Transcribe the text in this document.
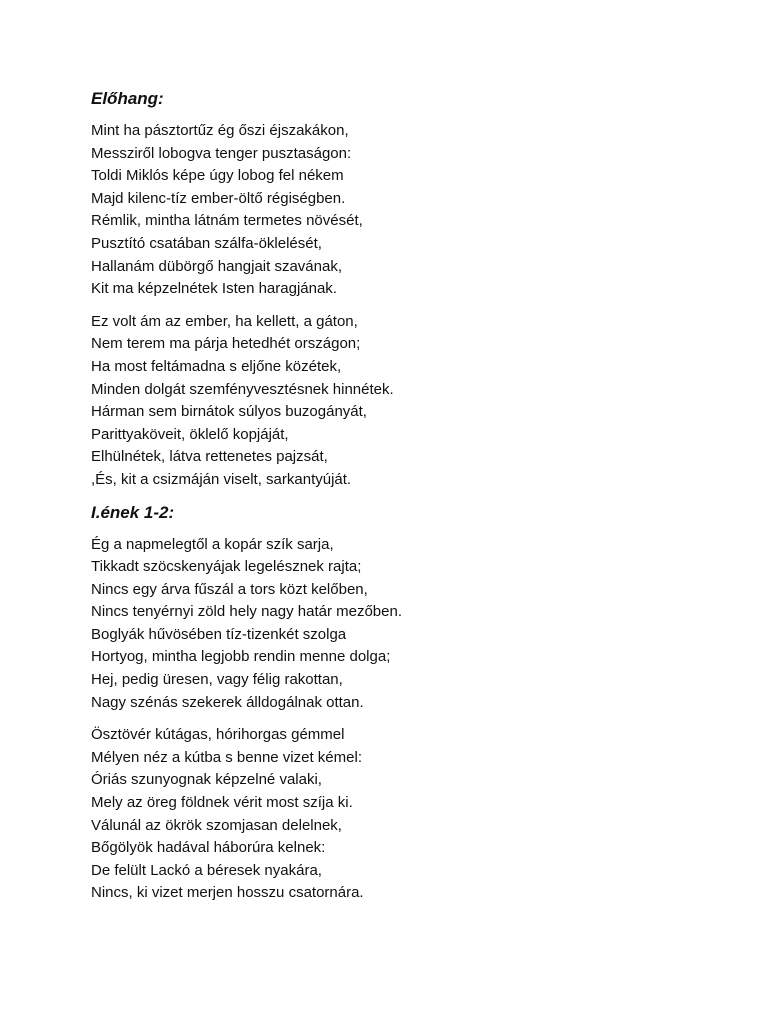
Előhang:
Mint ha pásztortűz ég őszi éjszakákon,
Messziről lobogva tenger pusztaságon:
Toldi Miklós képe úgy lobog fel nékem
Majd kilenc-tíz ember-öltő régiségben.
Rémlik, mintha látnám termetes növését,
Pusztító csatában szálfa-öklelését,
Hallanám dübörgő hangjait szavának,
Kit ma képzelnétek Isten haragjának.
Ez volt ám az ember, ha kellett, a gáton,
Nem terem ma párja hetedhét országon;
Ha most feltámadna s eljőne közétek,
Minden dolgát szemfényvesztésnek hinnétek.
Hárman sem birnátok súlyos buzogányát,
Parittyaköveit, öklelő kopjáját,
Elhülnétek, látva rettenetes pajzsát,
,És, kit a csizmáján viselt, sarkantyúját.
I.ének 1-2:
Ég a napmelegtől a kopár szík sarja,
Tikkadt szöcskenyájak legelésznek rajta;
Nincs egy árva fűszál a tors közt kelőben,
Nincs tenyérnyi zöld hely nagy határ mezőben.
Boglyák hűvösében tíz-tizenkét szolga
Hortyog, mintha legjobb rendin menne dolga;
Hej, pedig üresen, vagy félig rakottan,
Nagy szénás szekerek álldogálnak ottan.
Ösztövér kútágas, hórihorgas gémmel
Mélyen néz a kútba s benne vizet kémel:
Óriás szunyognak képzelné valaki,
Mely az öreg földnek vérit most szíja ki.
Válunál az ökrök szomjasan delelnek,
Bőgölyök hadával háborúra kelnek:
De felült Lackó a béresek nyakára,
Nincs, ki vizet merjen hosszu csatornára.
